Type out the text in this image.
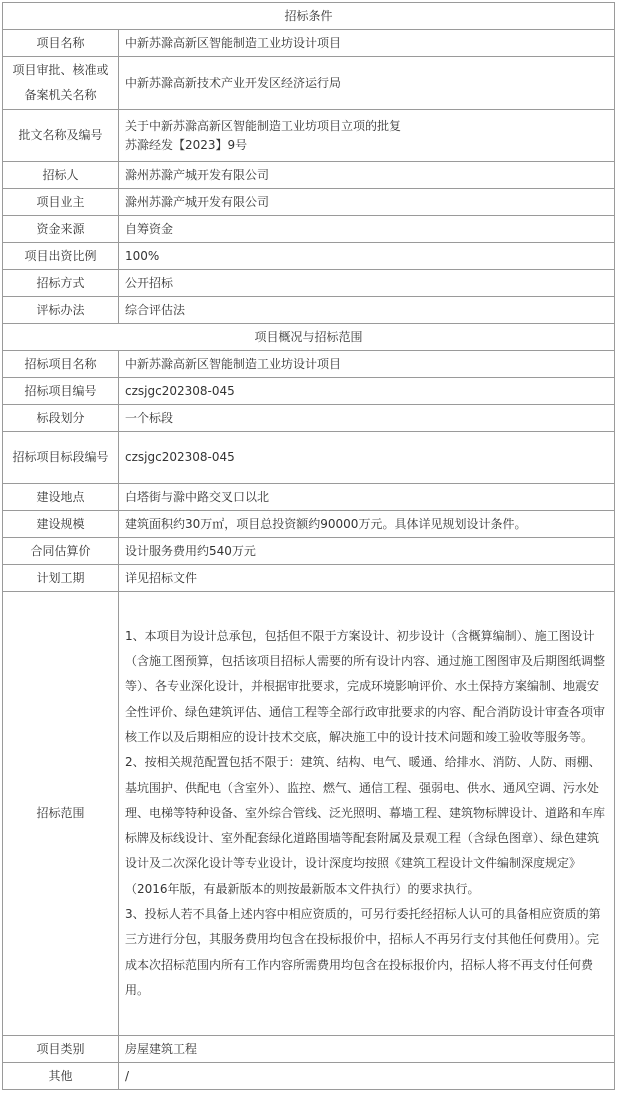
招标条件	
项目名称	中新苏滁高新区智能制造工业坊设计项目
项目审批、核准或备案机关名称	中新苏滁高新技术产业开发区经济运行局
批文名称及编号	关于中新苏滁高新区智能制造工业坊项目立项的批复
苏滁经发【2023】9号

招标人	滁州苏滁产城开发有限公司
项目业主	滁州苏滁产城开发有限公司
资金来源	自筹资金
项目出资比例	100%
招标方式	公开招标
评标办法	综合评估法
项目概况与招标范围	
招标项目名称	中新苏滁高新区智能制造工业坊设计项目
招标项目编号	czsjgc202308-045
标段划分	一个标段
招标项目标段编号	czsjgc202308-045
建设地点	白塔街与滁中路交叉口以北
建设规模	建筑面积约30万㎡，项目总投资额约90000万元。具体详见规划设计条件。
合同估算价	设计服务费用约540万元
计划工期	详见招标文件
招标范围	1、本项目为设计总承包，包括但不限于方案设计、初步设计（含概算编制）、施工图设计（含施工图预算，包括该项目招标人需要的所有设计内容、通过施工图图审及后期图纸调整等）、各专业深化设计，并根据审批要求，完成环境影响评价、水土保持方案编制、地震安全性评价、绿色建筑评估、通信工程等全部行政审批要求的内容、配合消防设计审查各项审核工作以及后期相应的设计技术交底，解决施工中的设计技术问题和竣工验收等服务等。

2、按相关规范配置包括不限于：建筑、结构、电气、暖通、给排水、消防、人防、雨棚、基坑围护、供配电（含室外）、监控、燃气、通信工程、强弱电、供水、通风空调、污水处理、电梯等特种设备、室外综合管线、泛光照明、幕墙工程、建筑物标牌设计、道路和车库标牌及标线设计、室外配套绿化道路围墙等配套附属及景观工程（含绿色图章）、绿色建筑设计及二次深化设计等专业设计，设计深度均按照《建筑工程设计文件编制深度规定》（2016年版，有最新版本的则按最新版本文件执行）的要求执行。

3、投标人若不具备上述内容中相应资质的，可另行委托经招标人认可的具备相应资质的第三方进行分包，其服务费用均包含在投标报价中，招标人不再另行支付其他任何费用）。完成本次招标范围内所有工作内容所需费用均包含在投标报价内，招标人将不再支付任何费用。

项目类别	房屋建筑工程
其他	/
